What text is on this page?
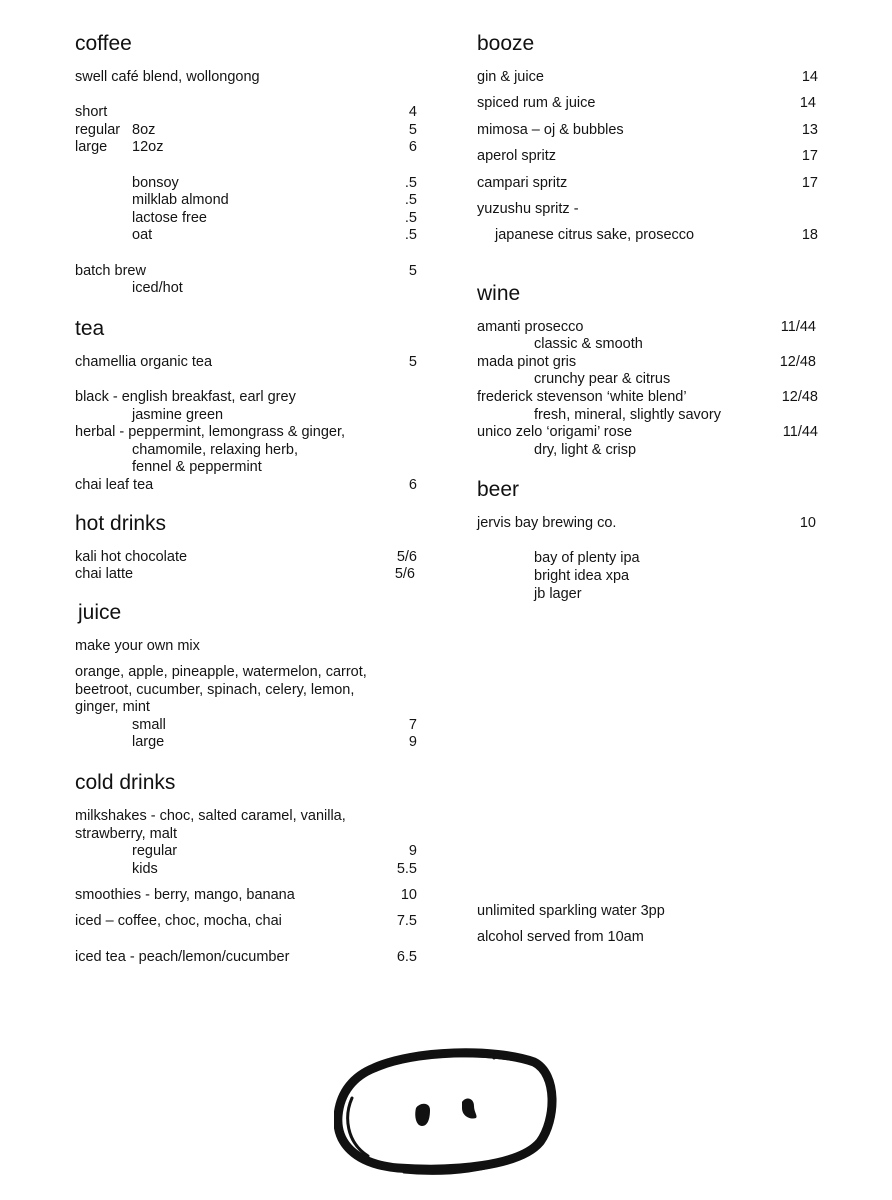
coffee
swell café blend, wollongong
short	4
regular 8oz	5
large 12oz	6
bonsoy	.5
milklab almond	.5
lactose free	.5
oat	.5
batch brew	5
iced/hot
tea
chamellia organic tea	5
black - english breakfast, earl grey
jasmine green
herbal - peppermint, lemongrass & ginger,
chamomile, relaxing herb,
fennel & peppermint
chai leaf tea	6
hot drinks
kali hot chocolate	5/6
chai latte	5/6
juice
make your own mix
orange, apple, pineapple, watermelon, carrot,
beetroot, cucumber, spinach, celery, lemon,
ginger, mint
small	7
large	9
cold drinks
milkshakes - choc, salted caramel, vanilla,
strawberry, malt
regular	9
kids	5.5
smoothies - berry, mango, banana	10
iced – coffee, choc, mocha, chai	7.5
iced tea - peach/lemon/cucumber	6.5
booze
gin & juice	14
spiced rum & juice	14
mimosa – oj & bubbles	13
aperol spritz	17
campari spritz	17
yuzushu spritz -
japanese citrus sake, prosecco	18
wine
amanti prosecco	11/44
classic & smooth
mada pinot gris	12/48
crunchy pear & citrus
frederick stevenson ‘white blend’	12/48
fresh, mineral, slightly savory
unico zelo ‘origami’ rose	11/44
dry, light & crisp
beer
jervis bay brewing co.	10
bay of plenty ipa
bright idea xpa
jb lager
unlimited sparkling water 3pp
alcohol served from 10am
